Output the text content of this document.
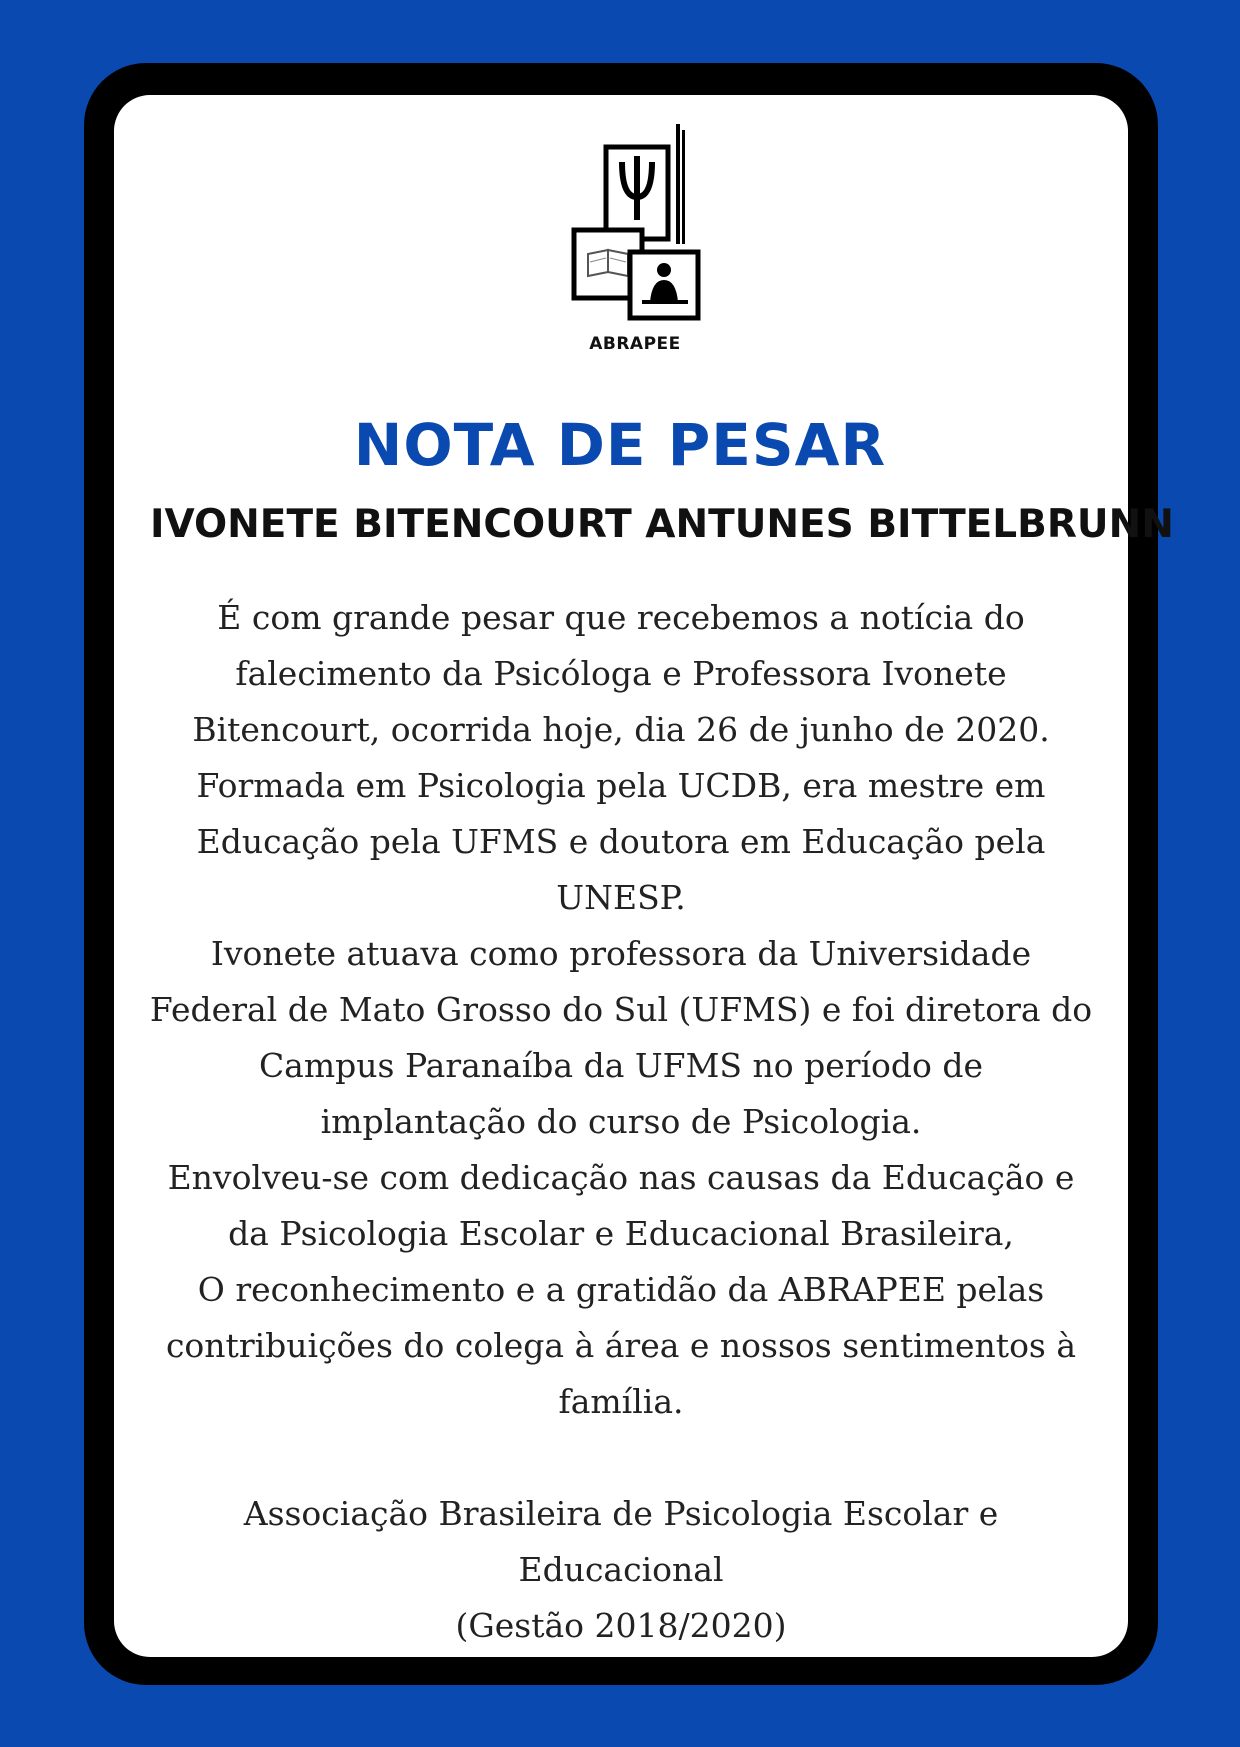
ABRAPEE
NOTA DE PESAR
IVONETE BITENCOURT ANTUNES BITTELBRUNN
É com grande pesar que recebemos a notícia do
falecimento da Psicóloga e Professora Ivonete
Bitencourt, ocorrida hoje, dia 26 de junho de 2020.
Formada em Psicologia pela UCDB, era mestre em
Educação pela UFMS e doutora em Educação pela
UNESP.
Ivonete atuava como professora da Universidade
Federal de Mato Grosso do Sul (UFMS) e foi diretora do
Campus Paranaíba da UFMS no período de
implantação do curso de Psicologia.
Envolveu-se com dedicação nas causas da Educação e
da Psicologia Escolar e Educacional Brasileira,
O reconhecimento e a gratidão da ABRAPEE pelas
contribuições do colega à área e nossos sentimentos à
família.
Associação Brasileira de Psicologia Escolar e
Educacional
(Gestão 2018/2020)
